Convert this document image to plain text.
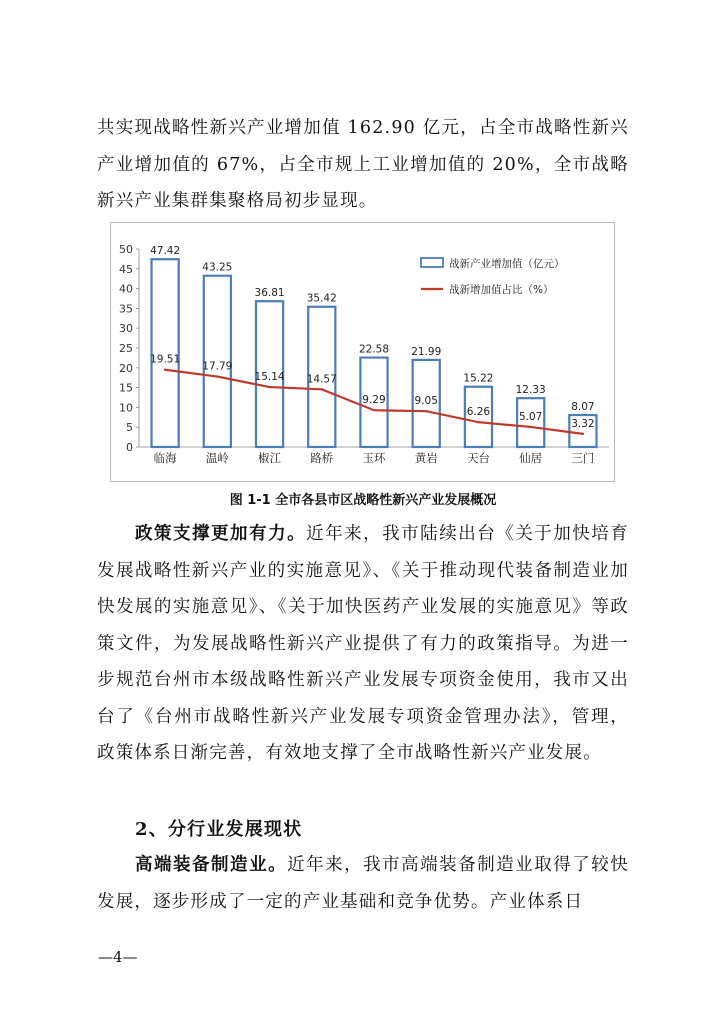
共实现战略性新兴产业增加值 162.90 亿元，占全市战略性新兴产业增加值的 67%，占全市规上工业增加值的 20%，全市战略新兴产业集群集聚格局初步显现。
0
5
10
15
20
25
30
35
40
45
50 47.42
临海
43.25
温岭
36.81
椒江
35.42
路桥
22.58
玉环
21.99
黄岩
15.22
天台
12.33
仙居
8.07
三门
19.51
17.79
15.14 14.57
9.29	9.05
6.26	5.07
3.32
战新产业增加值（亿元）
战新增加值占比（%）
图 1-1 全市各县市区战略性新兴产业发展概况
政策支撑更加有力。近年来，我市陆续出台《关于加快培育发展战略性新兴产业的实施意见》、《关于推动现代装备制造业加快发展的实施意见》、《关于加快医药产业发展的实施意见》等政策文件，为发展战略性新兴产业提供了有力的政策指导。为进一步规范台州市本级战略性新兴产业发展专项资金使用，我市又出台了《台州市战略性新兴产业发展专项资金管理办法》，管理，政策体系日渐完善，有效地支撑了全市战略性新兴产业发展。
2、分行业发展现状
高端装备制造业。近年来，我市高端装备制造业取得了较快发展，逐步形成了一定的产业基础和竞争优势。产业体系日
—4—
